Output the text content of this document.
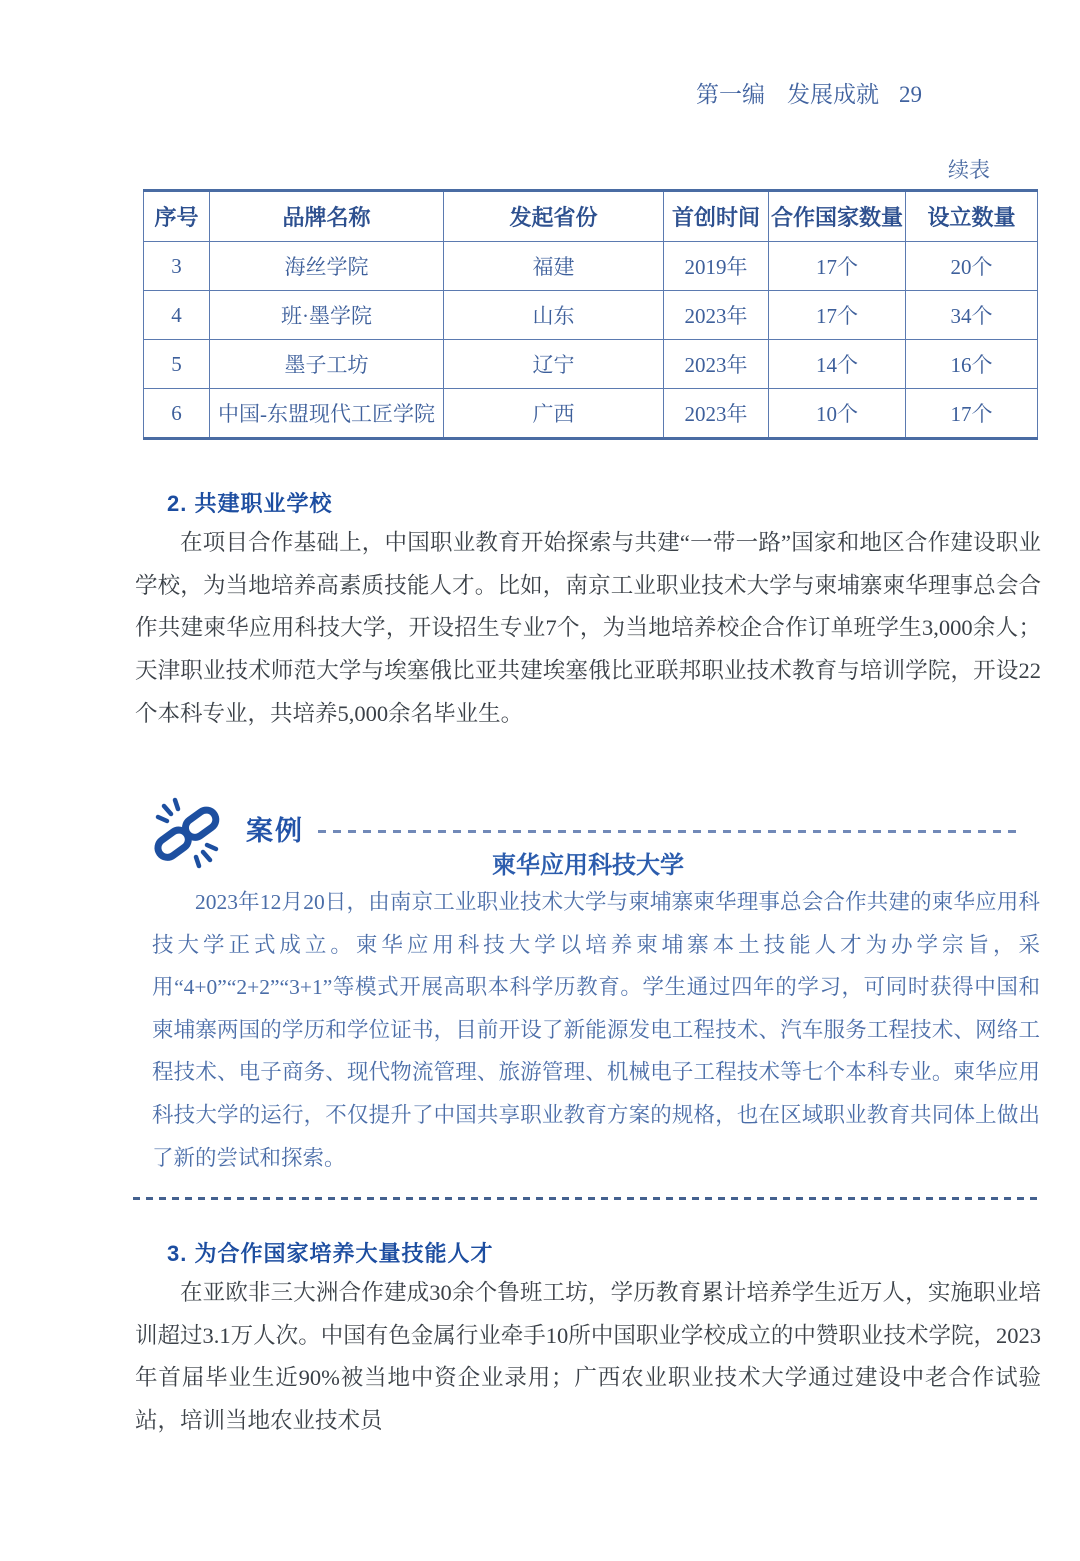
第一编 发展成就 29
续表
序号	品牌名称	发起省份	首创时间	合作国家数量	设立数量
3	海丝学院	福建	2019年	17个	20个
4	班·墨学院	山东	2023年	17个	34个
5	墨子工坊	辽宁	2023年	14个	16个
6	中国-东盟现代工匠学院	广西	2023年	10个	17个
2. 共建职业学校

在项目合作基础上，中国职业教育开始探索与共建“一带一路”国家和地区合作建设职业学校，为当地培养高素质技能人才。比如，南京工业职业技术大学与柬埔寨柬华理事总会合作共建柬华应用科技大学，开设招生专业7个，为当地培养校企合作订单班学生3,000余人；天津职业技术师范大学与埃塞俄比亚共建埃塞俄比亚联邦职业技术教育与培训学院，开设22个本科专业，共培养5,000余名毕业生。

案例
柬华应用科技大学

2023年12月20日，由南京工业职业技术大学与柬埔寨柬华理事总会合作共建的柬华应用科技大学正式成立。柬华应用科技大学以培养柬埔寨本土技能人才为办学宗旨，采用“4+0”“2+2”“3+1”等模式开展高职本科学历教育。学生通过四年的学习，可同时获得中国和柬埔寨两国的学历和学位证书，目前开设了新能源发电工程技术、汽车服务工程技术、网络工程技术、电子商务、现代物流管理、旅游管理、机械电子工程技术等七个本科专业。柬华应用科技大学的运行，不仅提升了中国共享职业教育方案的规格，也在区域职业教育共同体上做出了新的尝试和探索。

3. 为合作国家培养大量技能人才

在亚欧非三大洲合作建成30余个鲁班工坊，学历教育累计培养学生近万人，实施职业培训超过3.1万人次。中国有色金属行业牵手10所中国职业学校成立的中赞职业技术学院，2023年首届毕业生近90%被当地中资企业录用；广西农业职业技术大学通过建设中老合作试验站，培训当地农业技术员
